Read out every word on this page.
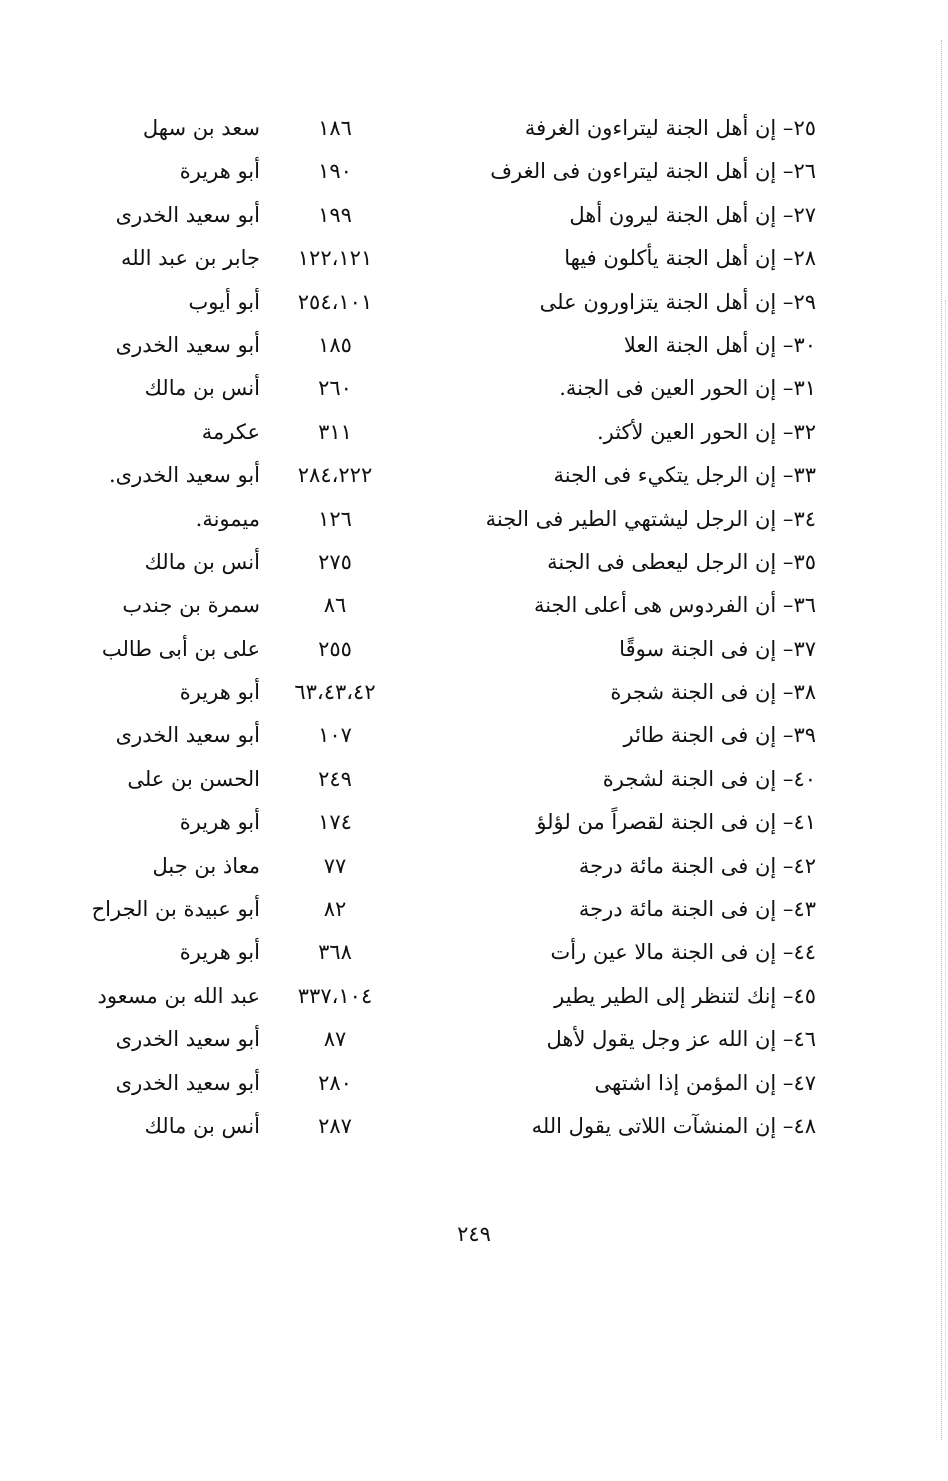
٢٥– إن أهل الجنة ليتراءون الغرفة
١٨٦
سعد بن سهل
٢٦– إن أهل الجنة ليتراءون فى الغرف
١٩٠
أبو هريرة
٢٧– إن أهل الجنة ليرون أهل
١٩٩
أبو سعيد الخدرى
٢٨– إن أهل الجنة يأكلون فيها
١٢٢،١٢١
جابر بن عبد الله
٢٩– إن أهل الجنة يتزاورون على
٢٥٤،١٠١
أبو أيوب
٣٠– إن أهل الجنة العلا
١٨٥
أبو سعيد الخدرى
٣١– إن الحور العين فى الجنة.
٢٦٠
أنس بن مالك
٣٢– إن الحور العين لأكثر.
٣١١
عكرمة
٣٣– إن الرجل يتكيء فى الجنة
٢٨٤،٢٢٢
أبو سعيد الخدرى.
٣٤– إن الرجل ليشتهي الطير فى الجنة
١٢٦
ميمونة.
٣٥– إن الرجل ليعطى فى الجنة
٢٧٥
أنس بن مالك
٣٦– أن الفردوس هى أعلى الجنة
٨٦
سمرة بن جندب
٣٧– إن فى الجنة سوقًا
٢٥٥
على بن أبى طالب
٣٨– إن فى الجنة شجرة
٦٣،٤٣،٤٢
أبو هريرة
٣٩– إن فى الجنة طائر
١٠٧
أبو سعيد الخدرى
٤٠– إن فى الجنة لشجرة
٢٤٩
الحسن بن على
٤١– إن فى الجنة لقصراً من لؤلؤ
١٧٤
أبو هريرة
٤٢– إن فى الجنة مائة درجة
٧٧
معاذ بن جبل
٤٣– إن فى الجنة مائة درجة
٨٢
أبو عبيدة بن الجراح
٤٤– إن فى الجنة مالا عين رأت
٣٦٨
أبو هريرة
٤٥– إنك لتنظر إلى الطير يطير
٣٣٧،١٠٤
عبد الله بن مسعود
٤٦– إن الله عز وجل يقول لأهل
٨٧
أبو سعيد الخدرى
٤٧– إن المؤمن إذا اشتهى
٢٨٠
أبو سعيد الخدرى
٤٨– إن المنشآت اللاتى يقول الله
٢٨٧
أنس بن مالك
٢٤٩
